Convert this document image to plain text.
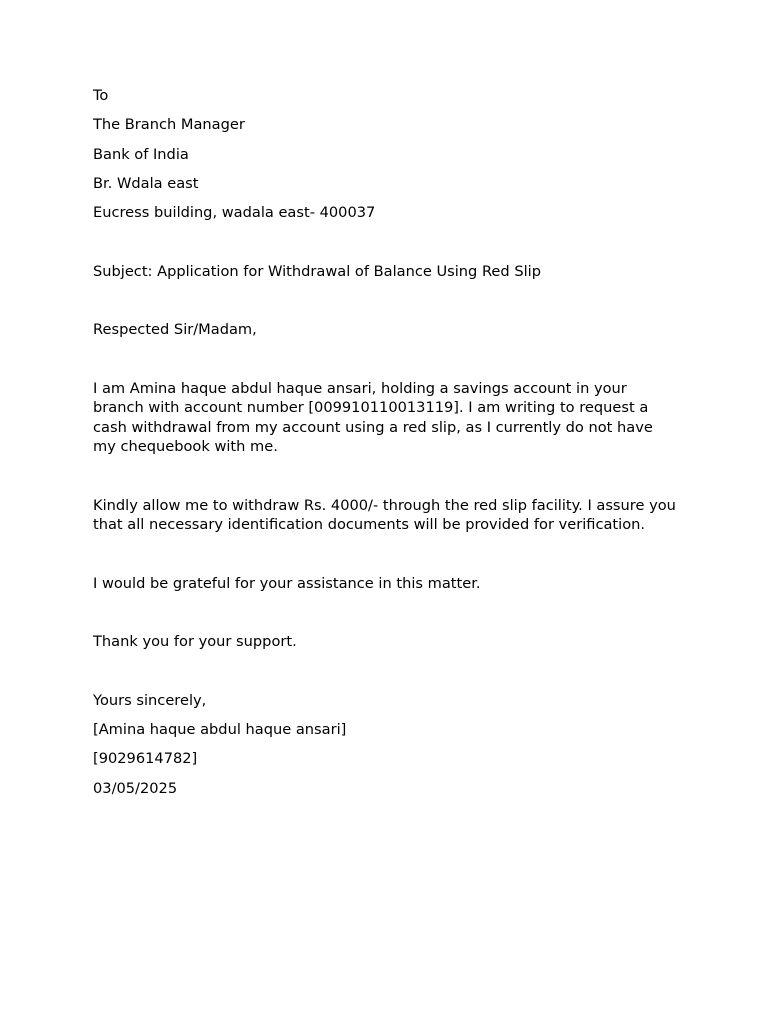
To
The Branch Manager
Bank of India
Br. Wdala east
Eucress building, wadala east- 400037
Subject: Application for Withdrawal of Balance Using Red Slip
Respected Sir/Madam,
I am Amina haque abdul haque ansari, holding a savings account in your branch with account number [009910110013119]. I am writing to request a cash withdrawal from my account using a red slip, as I currently do not have my chequebook with me.
Kindly allow me to withdraw Rs. 4000/- through the red slip facility. I assure you that all necessary identification documents will be provided for verification.
I would be grateful for your assistance in this matter.
Thank you for your support.
Yours sincerely,
[Amina haque abdul haque ansari]
[9029614782]
03/05/2025
